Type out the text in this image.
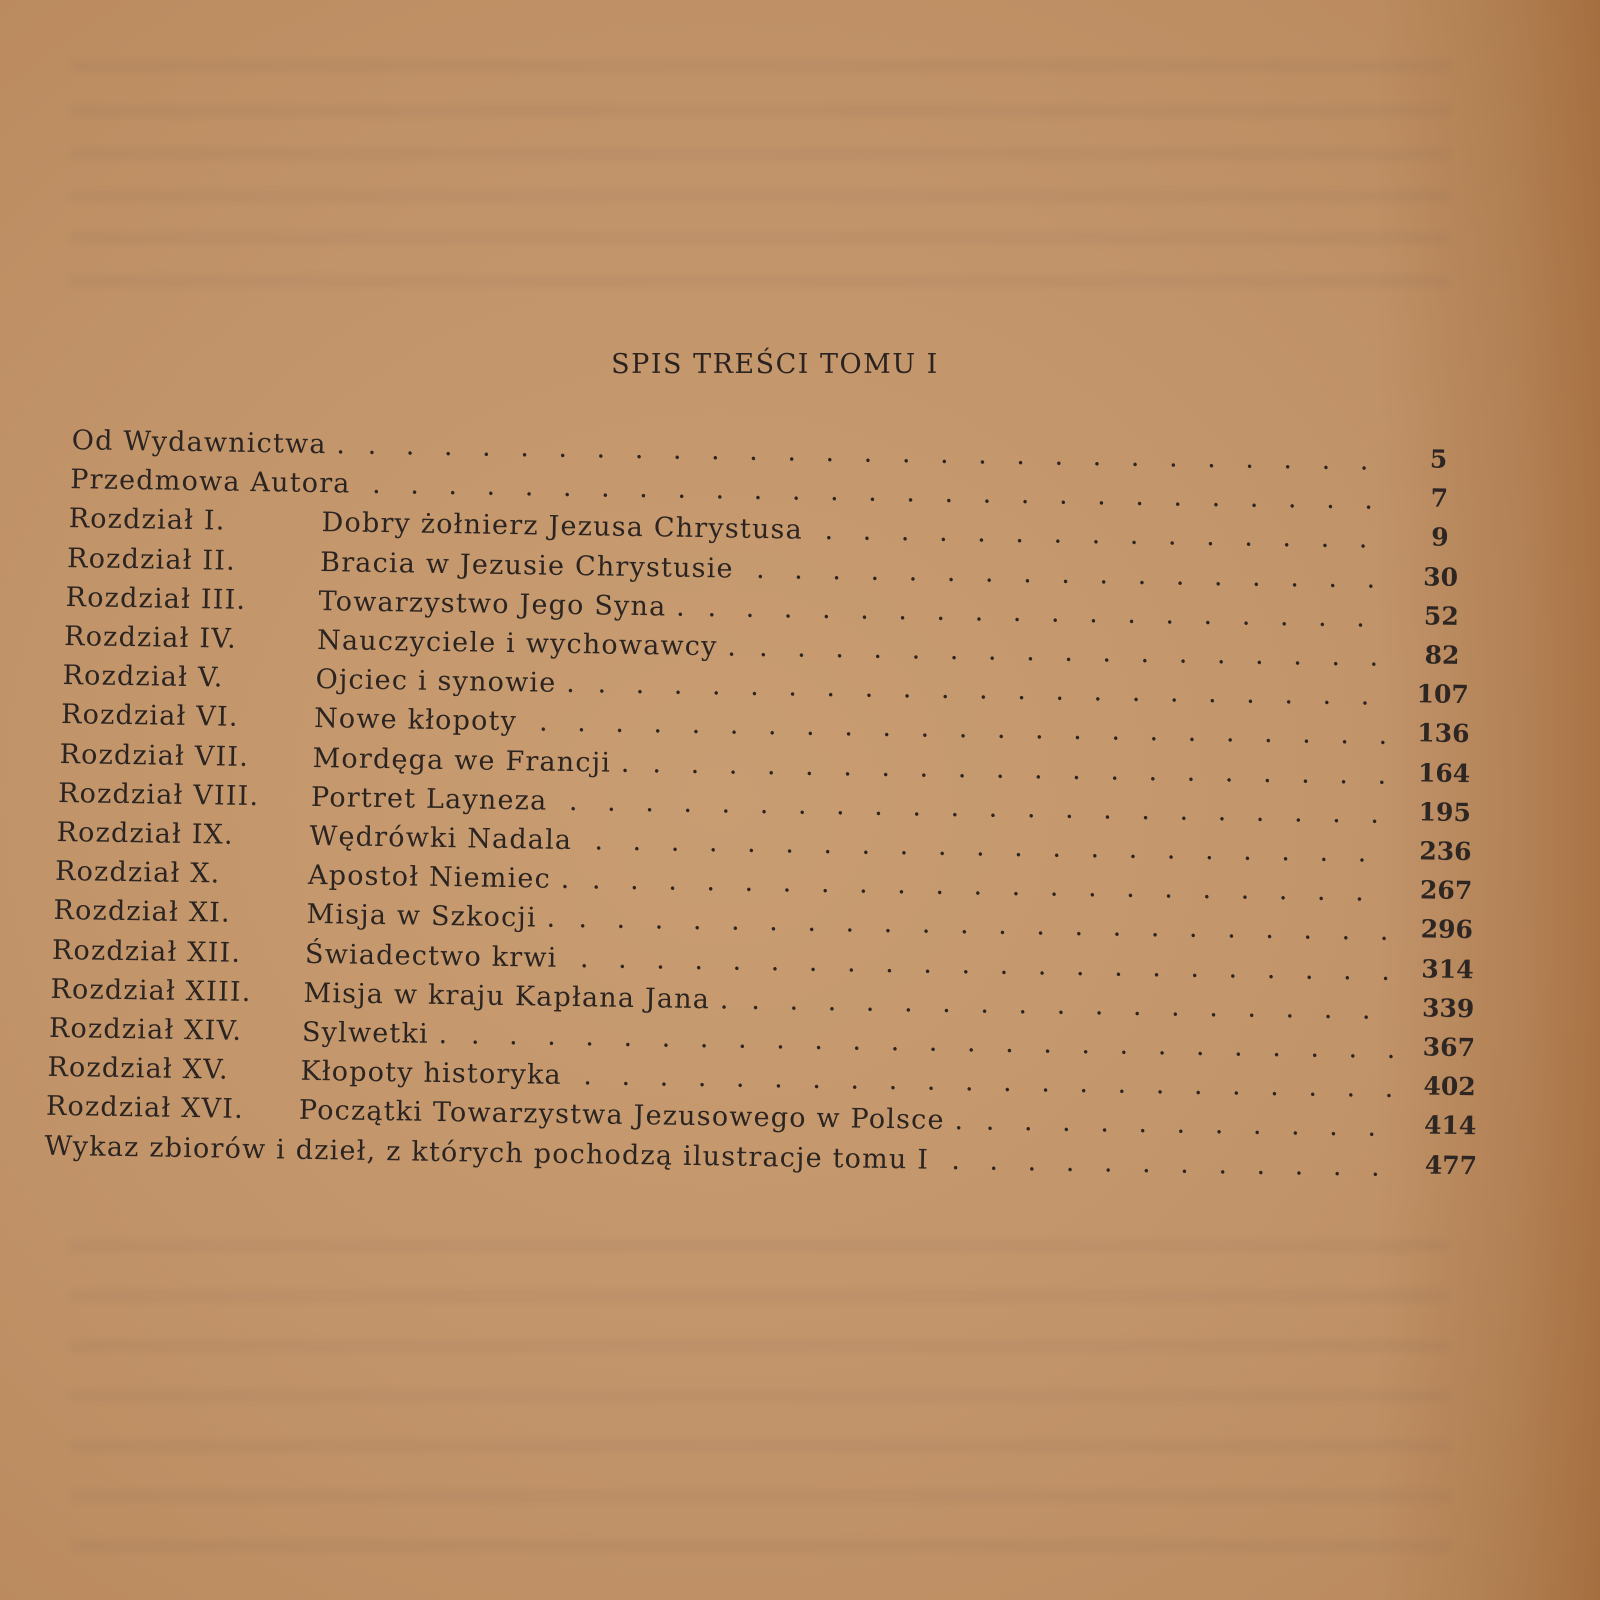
SPIS TREŚCI TOMU I
Od Wydawnictwa . . . .	5
Przedmowa Autora . . .	7
Rozdział I.	Dobry żołnierz Jezusa Chrystusa . . .	9
Rozdział II.	Bracia w Jezusie Chrystusie . . .	30
Rozdział III.	Towarzystwo Jego Syna . . . .	52
Rozdział IV.	Nauczyciele i wychowawcy . . . .	82
Rozdział V.	Ojciec i synowie . . . .	107
Rozdział VI.	Nowe kłopoty . . .	136
Rozdział VII. Mordęga we Francji . . . .	164
Rozdział VIII. Portret Layneza . . .	195
Rozdział IX.	Wędrówki Nadala . . .	236
Rozdział X.	Apostoł Niemiec . . . .	267
Rozdział XI.	Misja w Szkocji . . . .	296
Rozdział XII. Świadectwo krwi . . .	314
Rozdział XIII. Misja w kraju Kapłana Jana . . . .	339
Rozdział XIV. Sylwetki . . . .	367
Rozdział XV.	Kłopoty historyka . . .	402
Rozdział XVI. Początki Towarzystwa Jezusowego w Polsce . . . .	414
Wykaz zbiorów i dzieł, z których pochodzą ilustracje tomu I . . .	477
